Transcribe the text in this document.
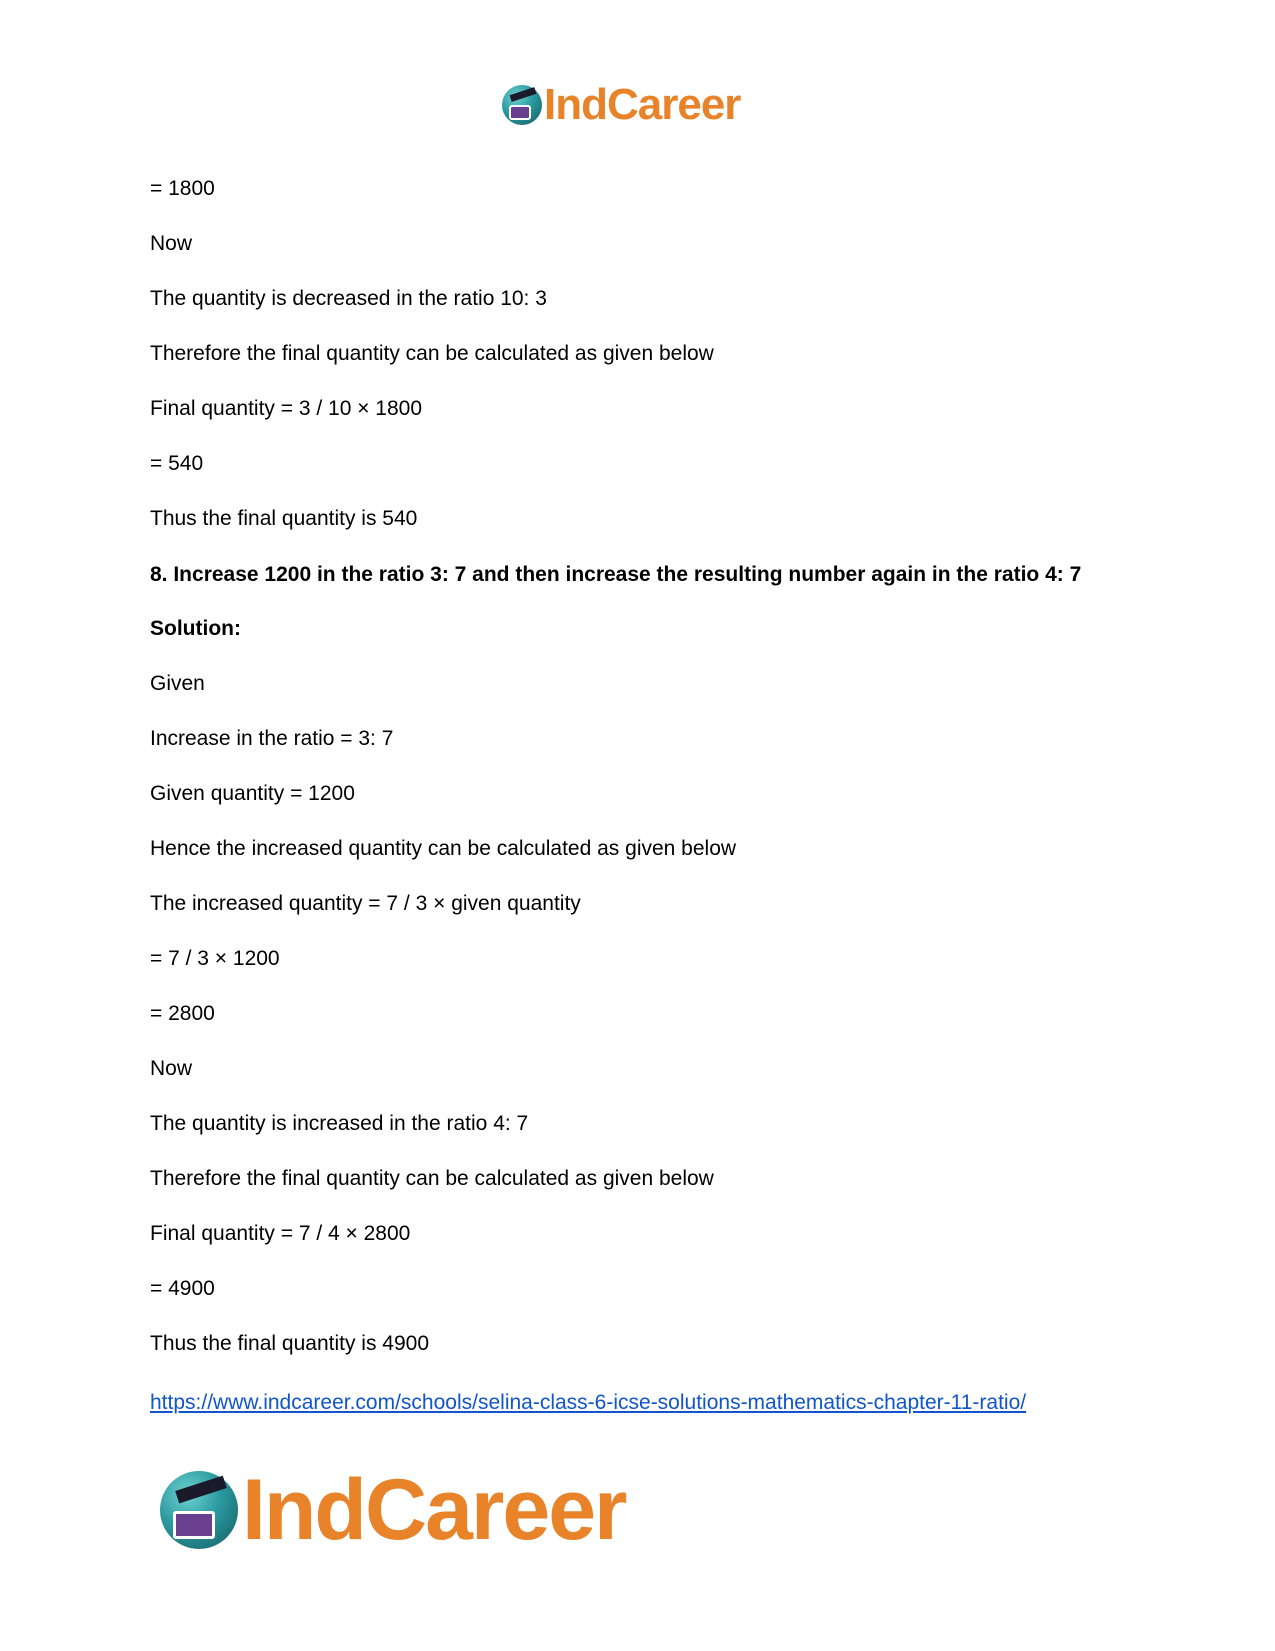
IndCareer

= 1800

Now

The quantity is decreased in the ratio 10: 3

Therefore the final quantity can be calculated as given below

Final quantity = 3 / 10 × 1800

= 540

Thus the final quantity is 540

8. Increase 1200 in the ratio 3: 7 and then increase the resulting number again in the ratio 4: 7

Solution:

Given

Increase in the ratio = 3: 7

Given quantity = 1200

Hence the increased quantity can be calculated as given below

The increased quantity = 7 / 3 × given quantity

= 7 / 3 × 1200

= 2800

Now

The quantity is increased in the ratio 4: 7

Therefore the final quantity can be calculated as given below

Final quantity = 7 / 4 × 2800

= 4900

Thus the final quantity is 4900

https://www.indcareer.com/schools/selina-class-6-icse-solutions-mathematics-chapter-11-ratio/
IndCareer
